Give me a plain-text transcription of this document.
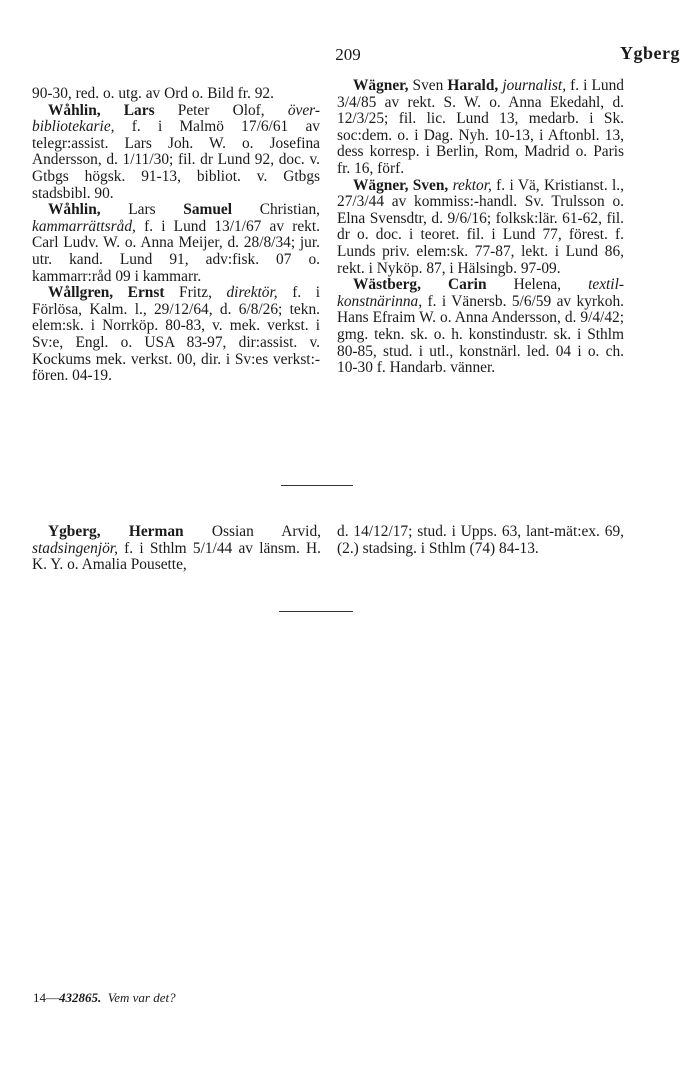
209	Ygberg

90-30, red. o. utg. av Ord o. Bild fr. 92.

Wåhlin, Lars Peter Olof, över-bibliotekarie, f. i Malmö 17/6/61 av telegr:assist. Lars Joh. W. o. Josefina Andersson, d. 1/11/30; fil. dr Lund 92, doc. v. Gtbgs högsk. 91-13, bibliot. v. Gtbgs stadsbibl. 90.

Wåhlin, Lars Samuel Christian, kammarrättsråd, f. i Lund 13/1/67 av rekt. Carl Ludv. W. o. Anna Meijer, d. 28/8/34; jur. utr. kand. Lund 91, adv:fisk. 07 o. kammarr:råd 09 i kammarr.

Wållgren, Ernst Fritz, direktör, f. i Förlösa, Kalm. l., 29/12/64, d. 6/8/26; tekn. elem:sk. i Norrköp. 80-83, v. mek. verkst. i Sv:e, Engl. o. USA 83-97, dir:assist. v. Kockums mek. verkst. 00, dir. i Sv:es verkst:-fören. 04-19.

Wägner, Sven Harald, journalist, f. i Lund 3/4/85 av rekt. S. W. o. Anna Ekedahl, d. 12/3/25; fil. lic. Lund 13, medarb. i Sk. soc:dem. o. i Dag. Nyh. 10-13, i Aftonbl. 13, dess korresp. i Berlin, Rom, Madrid o. Paris fr. 16, förf.

Wägner, Sven, rektor, f. i Vä, Kristianst. l., 27/3/44 av kommiss:-handl. Sv. Trulsson o. Elna Svensdtr, d. 9/6/16; folksk:lär. 61-62, fil. dr o. doc. i teoret. fil. i Lund 77, förest. f. Lunds priv. elem:sk. 77-87, lekt. i Lund 86, rekt. i Nyköp. 87, i Hälsingb. 97-09.

Wästberg, Carin Helena, textil-konstnärinna, f. i Vänersb. 5/6/59 av kyrkoh. Hans Efraim W. o. Anna Andersson, d. 9/4/42; gmg. tekn. sk. o. h. konstindustr. sk. i Sthlm 80-85, stud. i utl., konstnärl. led. 04 i o. ch. 10-30 f. Handarb. vänner.

Ygberg, Herman Ossian Arvid, stadsingenjör, f. i Sthlm 5/1/44 av länsm. H. K. Y. o. Amalia Pousette,

d. 14/12/17; stud. i Upps. 63, lant-mät:ex. 69, (2.) stadsing. i Sthlm (74) 84-13.

14—432865. Vem var det?
